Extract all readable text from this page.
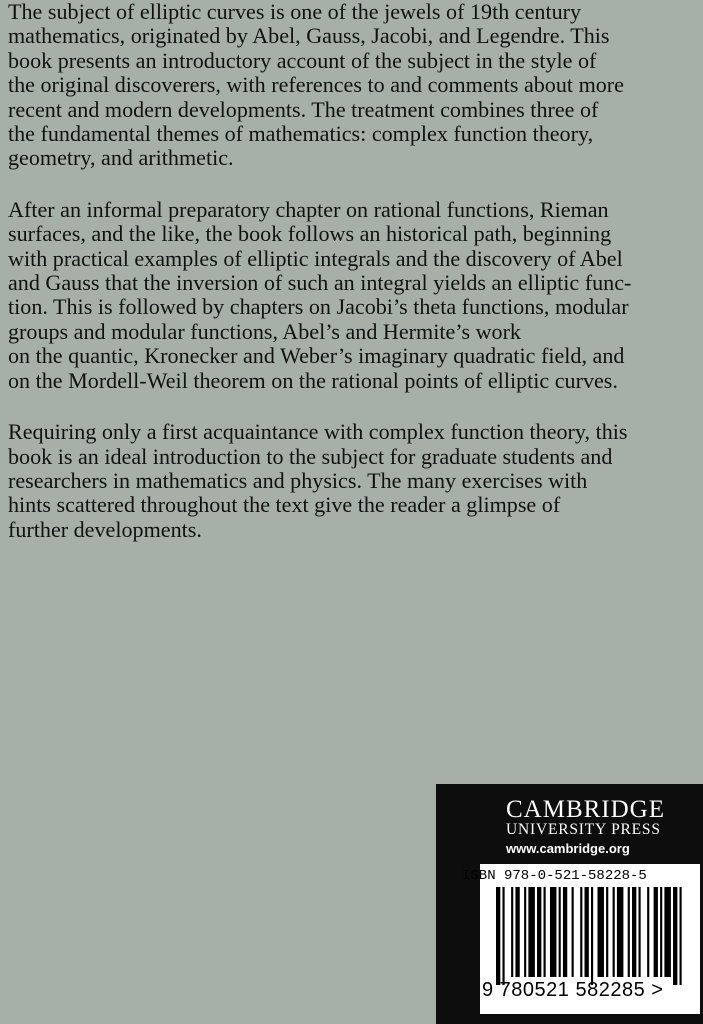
The subject of elliptic curves is one of the jewels of 19th century
mathematics, originated by Abel, Gauss, Jacobi, and Legendre. This
book presents an introductory account of the subject in the style of
the original discoverers, with references to and comments about more
recent and modern developments. The treatment combines three of
the fundamental themes of mathematics: complex function theory,
geometry, and arithmetic.

After an informal preparatory chapter on rational functions, Rieman
surfaces, and the like, the book follows an historical path, beginning
with practical examples of elliptic integrals and the discovery of Abel
and Gauss that the inversion of such an integral yields an elliptic func-
tion. This is followed by chapters on Jacobi’s theta functions, modular
groups and modular functions, Abel’s and Hermite’s work
on the quantic, Kronecker and Weber’s imaginary quadratic field, and
on the Mordell-Weil theorem on the rational points of elliptic curves.

Requiring only a first acquaintance with complex function theory, this
book is an ideal introduction to the subject for graduate students and
researchers in mathematics and physics. The many exercises with
hints scattered throughout the text give the reader a glimpse of
further developments.

CAMBRIDGE
UNIVERSITY PRESS
www.cambridge.org
ISBN 978-0-521-58228-5
9 780521 582285 >
